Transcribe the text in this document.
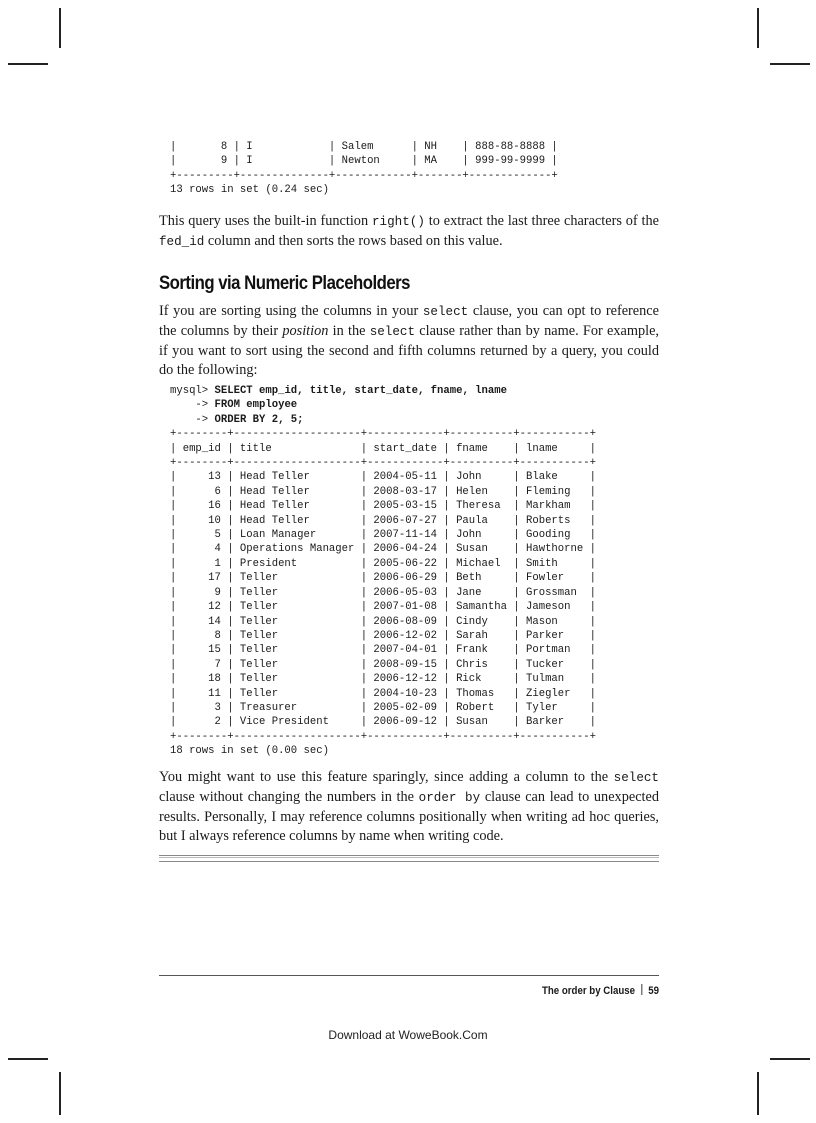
|       8 | I            | Salem      | NH    | 888-88-8888 |
|       9 | I            | Newton     | MA    | 999-99-9999 |
+---------+--------------+------------+-------+-------------+
13 rows in set (0.24 sec)

This query uses the built-in function right() to extract the last three characters of the fed_id column and then sorts the rows based on this value.

Sorting via Numeric Placeholders

If you are sorting using the columns in your select clause, you can opt to reference the columns by their position in the select clause rather than by name. For example, if you want to sort using the second and fifth columns returned by a query, you could do the following:

mysql> SELECT emp_id, title, start_date, fname, lname
-> FROM employee
-> ORDER BY 2, 5;
+--------+--------------------+------------+----------+-----------+
| emp_id | title              | start_date | fname    | lname     |
+--------+--------------------+------------+----------+-----------+
|     13 | Head Teller        | 2004-05-11 | John     | Blake     |
|      6 | Head Teller        | 2008-03-17 | Helen    | Fleming   |
|     16 | Head Teller        | 2005-03-15 | Theresa  | Markham   |
|     10 | Head Teller        | 2006-07-27 | Paula    | Roberts   |
|      5 | Loan Manager       | 2007-11-14 | John     | Gooding   |
|      4 | Operations Manager | 2006-04-24 | Susan    | Hawthorne |
|      1 | President          | 2005-06-22 | Michael  | Smith     |
|     17 | Teller             | 2006-06-29 | Beth     | Fowler    |
|      9 | Teller             | 2006-05-03 | Jane     | Grossman  |
|     12 | Teller             | 2007-01-08 | Samantha | Jameson   |
|     14 | Teller             | 2006-08-09 | Cindy    | Mason     |
|      8 | Teller             | 2006-12-02 | Sarah    | Parker    |
|     15 | Teller             | 2007-04-01 | Frank    | Portman   |
|      7 | Teller             | 2008-09-15 | Chris    | Tucker    |
|     18 | Teller             | 2006-12-12 | Rick     | Tulman    |
|     11 | Teller             | 2004-10-23 | Thomas   | Ziegler   |
|      3 | Treasurer          | 2005-02-09 | Robert   | Tyler     |
|      2 | Vice President     | 2006-09-12 | Susan    | Barker    |
+--------+--------------------+------------+----------+-----------+
18 rows in set (0.00 sec)

You might want to use this feature sparingly, since adding a column to the select clause without changing the numbers in the order by clause can lead to unexpected results. Personally, I may reference columns positionally when writing ad hoc queries, but I always reference columns by name when writing code.

The order by Clause 59
Download at WoweBook.Com
